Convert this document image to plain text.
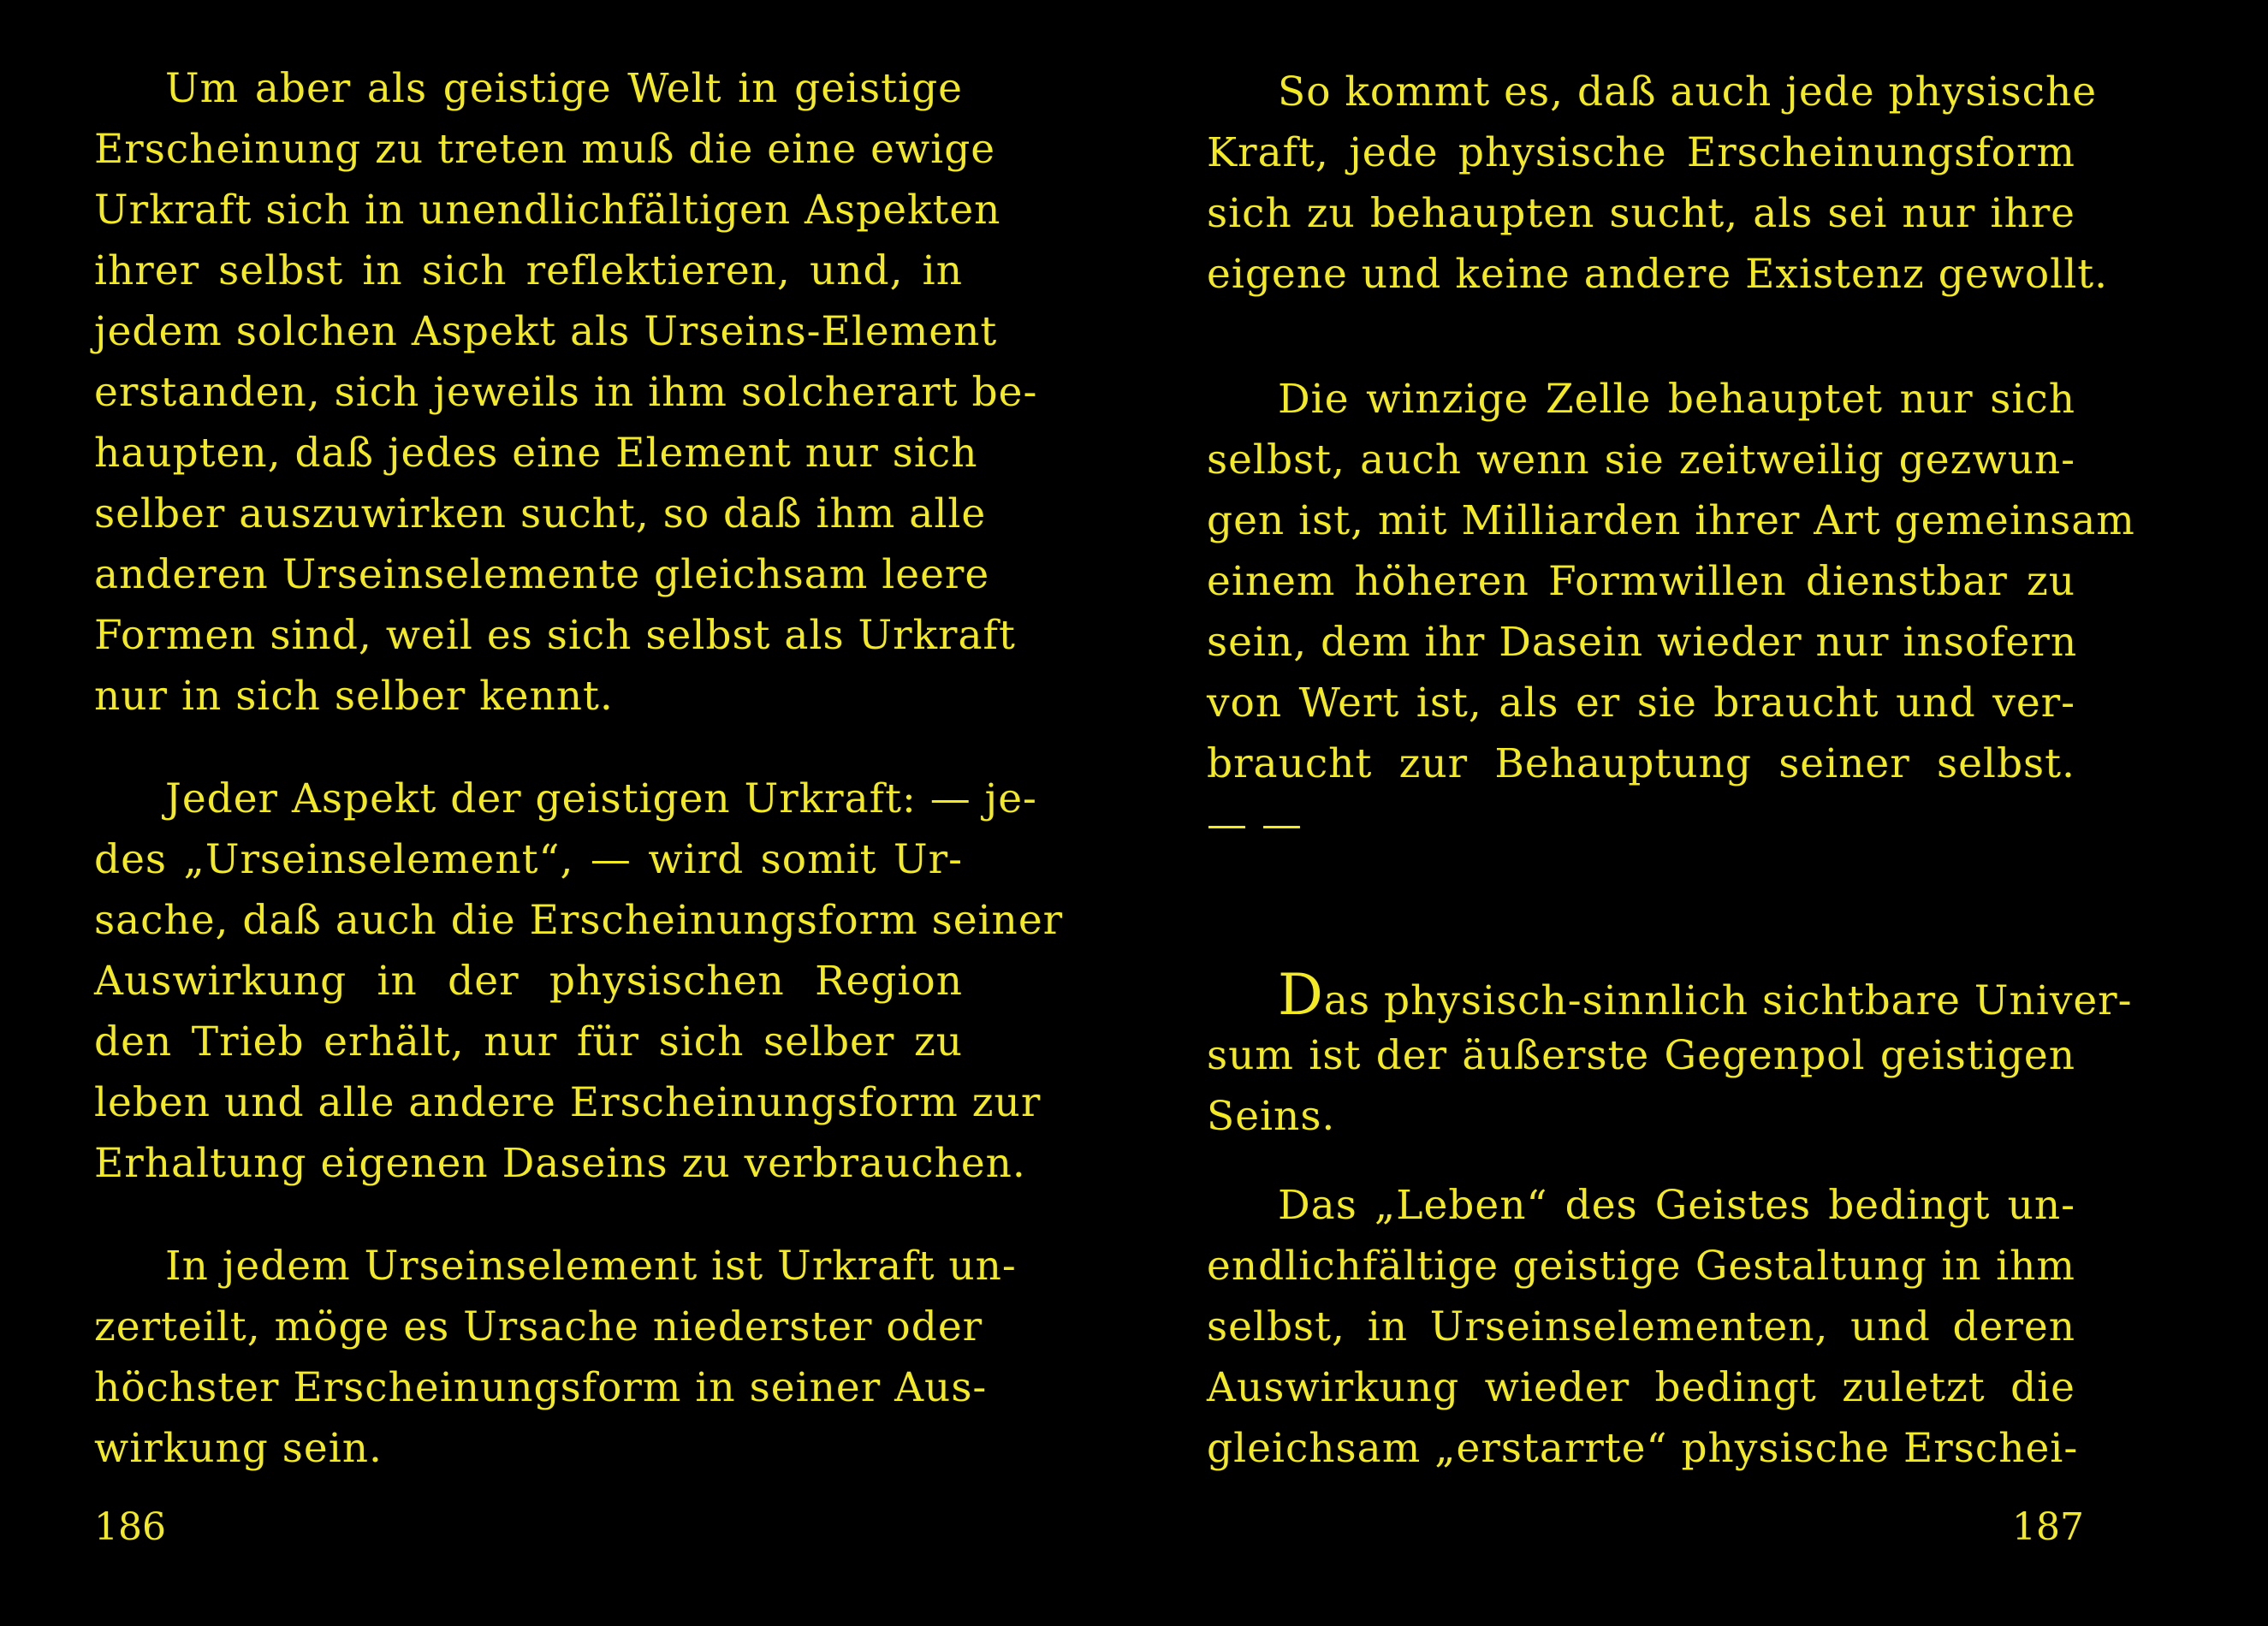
Um aber als geistige Welt in geistige
Erscheinung zu treten muß die eine ewige
Urkraft sich in unendlichfältigen Aspekten
ihrer selbst in sich reflektieren, und, in
jedem solchen Aspekt als Urseins-Element
erstanden, sich jeweils in ihm solcherart be-
haupten, daß jedes eine Element nur sich
selber auszuwirken sucht, so daß ihm alle
anderen Urseinselemente gleichsam leere
Formen sind, weil es sich selbst als Urkraft
nur in sich selber kennt.

Jeder Aspekt der geistigen Urkraft: — je-
des „Urseinselement“, — wird somit Ur-
sache, daß auch die Erscheinungsform seiner
Auswirkung in der physischen Region
den Trieb erhält, nur für sich selber zu
leben und alle andere Erscheinungsform zur
Erhaltung eigenen Daseins zu verbrauchen.

In jedem Urseinselement ist Urkraft un-
zerteilt, möge es Ursache niederster oder
höchster Erscheinungsform in seiner Aus-
wirkung sein.

186

So kommt es, daß auch jede physische
Kraft, jede physische Erscheinungsform
sich zu behaupten sucht, als sei nur ihre
eigene und keine andere Existenz gewollt.

Die winzige Zelle behauptet nur sich
selbst, auch wenn sie zeitweilig gezwun-
gen ist, mit Milliarden ihrer Art gemeinsam
einem höheren Formwillen dienstbar zu
sein, dem ihr Dasein wieder nur insofern
von Wert ist, als er sie braucht und ver-
braucht zur Behauptung seiner selbst.
— —

Das physisch-sinnlich sichtbare Univer-
sum ist der äußerste Gegenpol geistigen
Seins.

Das „Leben“ des Geistes bedingt un-
endlichfältige geistige Gestaltung in ihm
selbst, in Urseinselementen, und deren
Auswirkung wieder bedingt zuletzt die
gleichsam „erstarrte“ physische Erschei-

187
